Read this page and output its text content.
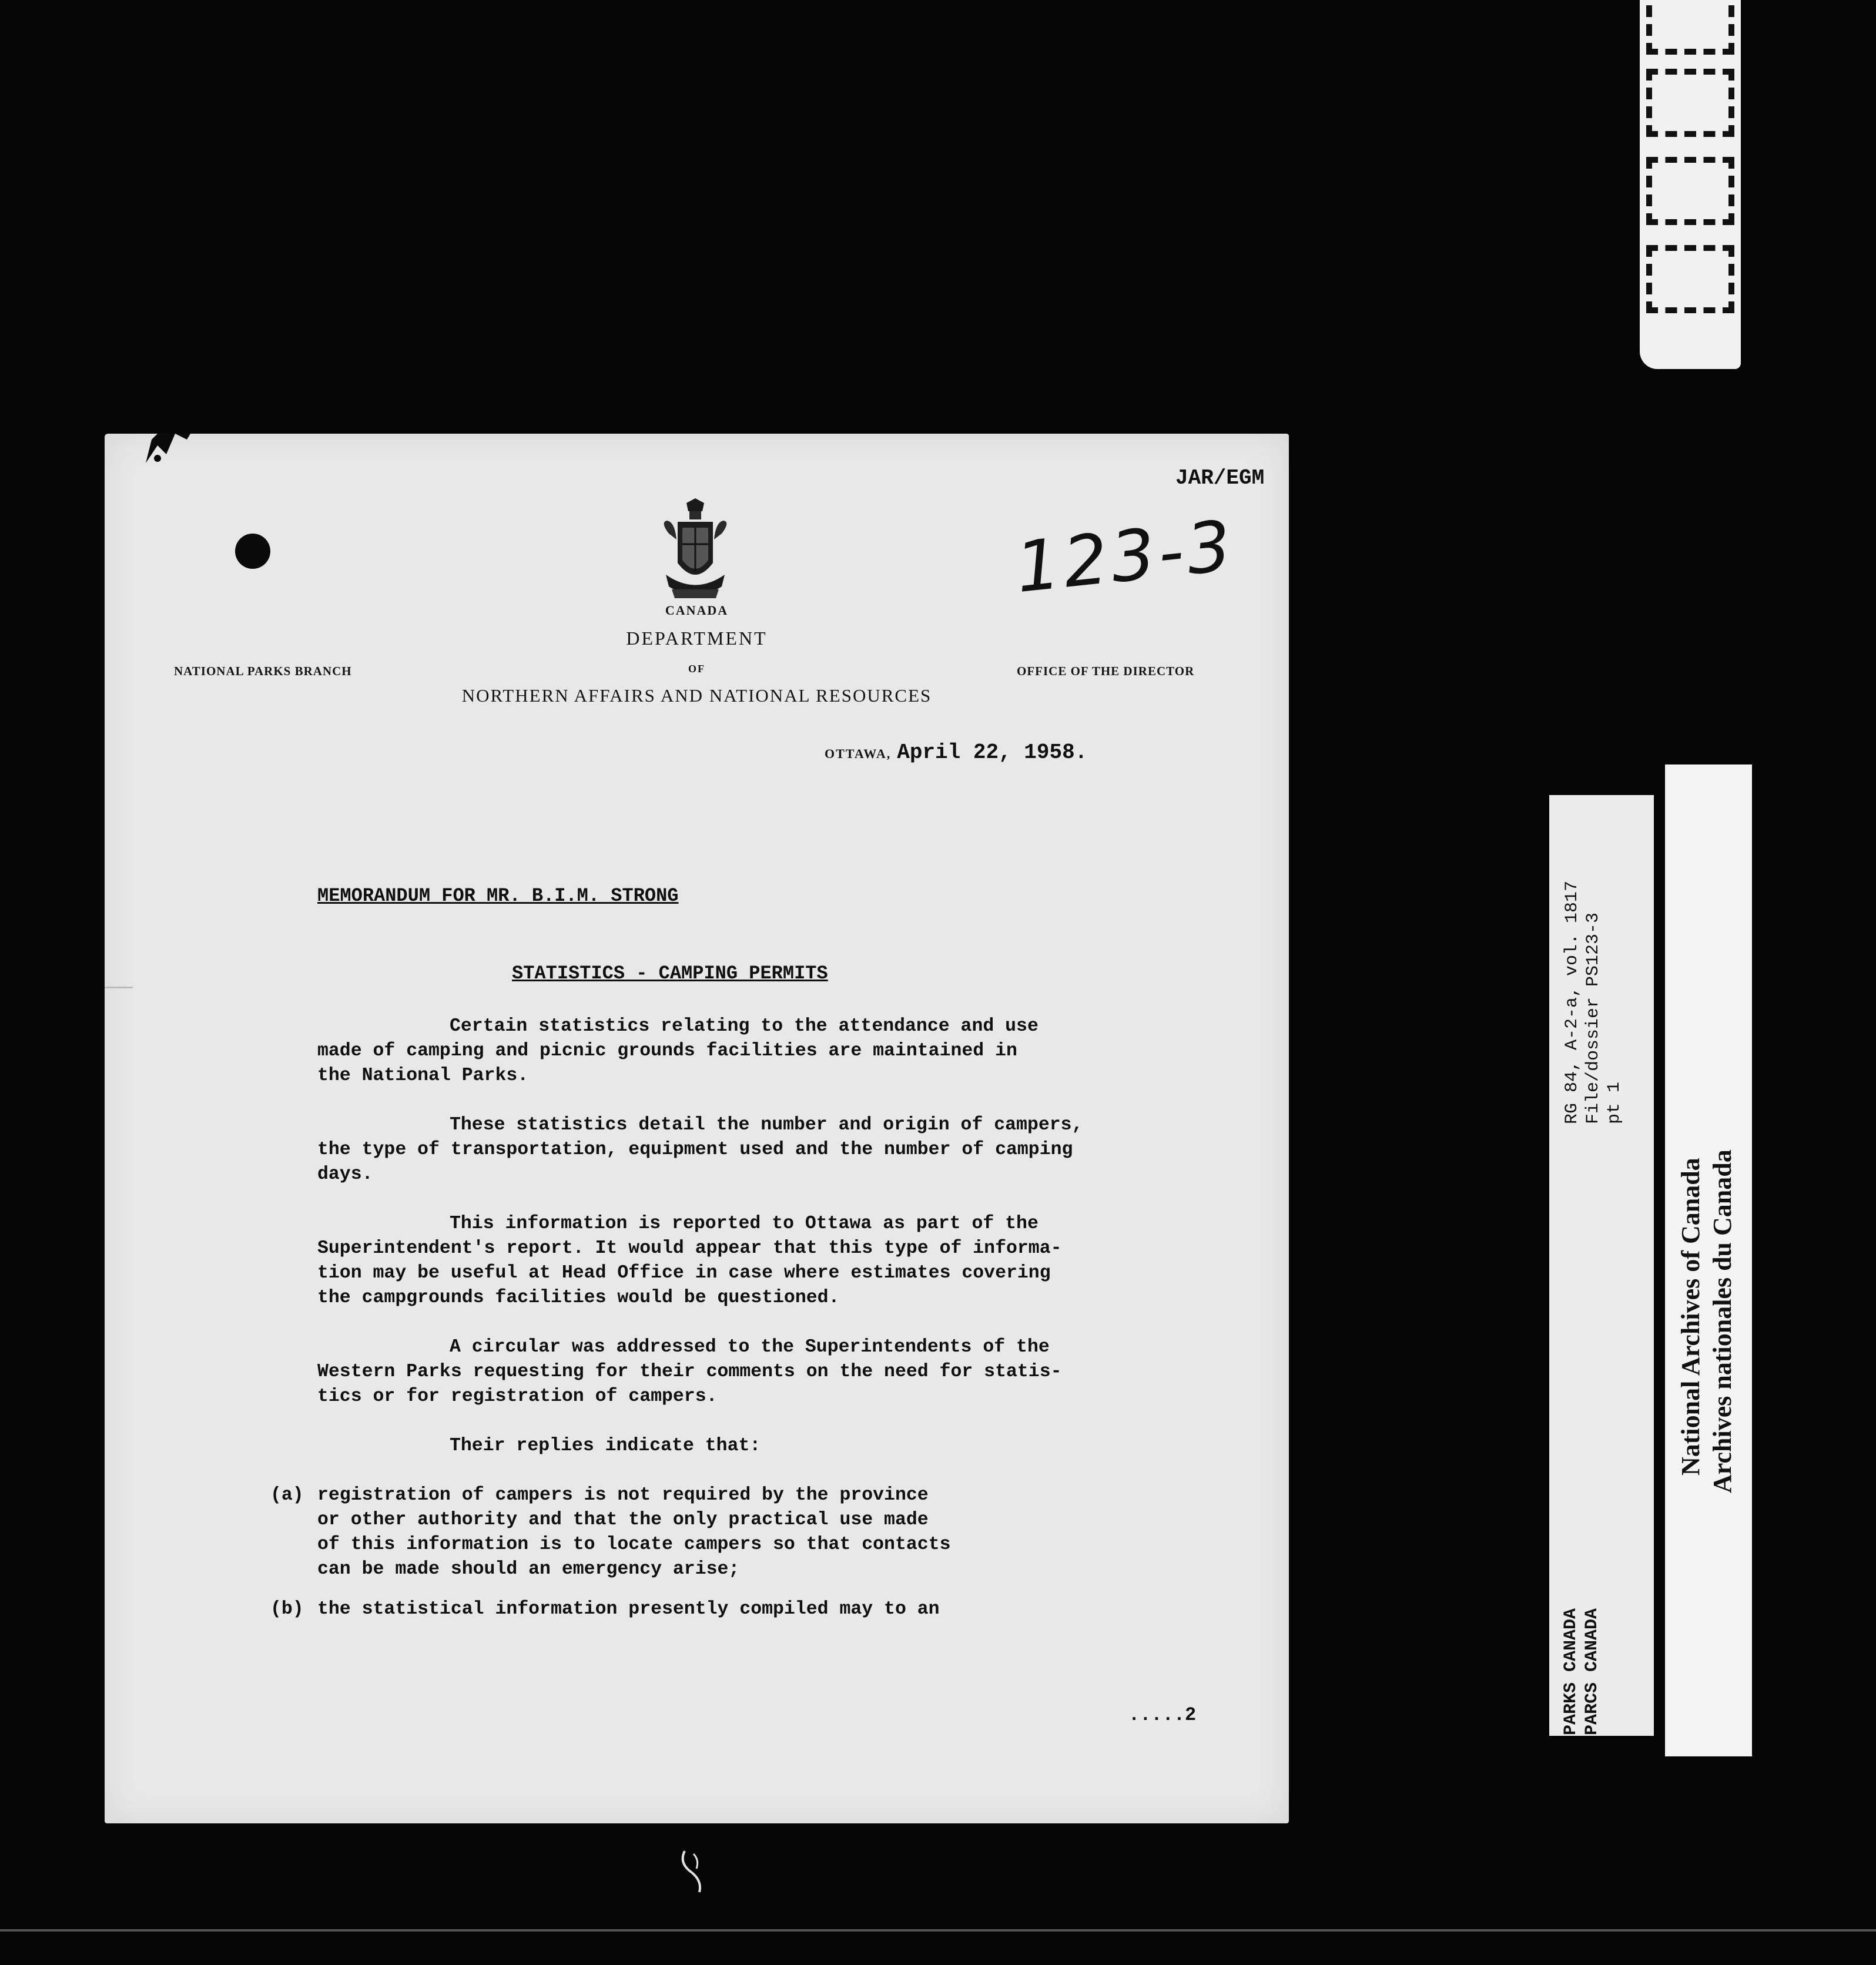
JAR/EGM
123-3
CANADA
DEPARTMENT
OF
NORTHERN AFFAIRS AND NATIONAL RESOURCES
NATIONAL PARKS BRANCH	OFFICE OF THE DIRECTOR
OTTAWA, April 22, 1958.
MEMORANDUM FOR MR. B.I.M. STRONG
STATISTICS - CAMPING PERMITS

Certain statistics relating to the attendance and use
made of camping and picnic grounds facilities are maintained in
the National Parks.

These statistics detail the number and origin of campers,
the type of transportation, equipment used and the number of camping
days.

This information is reported to Ottawa as part of the
Superintendent's report. It would appear that this type of informa-
tion may be useful at Head Office in case where estimates covering
the campgrounds facilities would be questioned.

A circular was addressed to the Superintendents of the
Western Parks requesting for their comments on the need for statis-
tics or for registration of campers.

Their replies indicate that:

(a) registration of campers is not required by the province
or other authority and that the only practical use made
of this information is to locate campers so that contacts
can be made should an emergency arise;
(b) the statistical information presently compiled may to an
.....2
RG 84, A-2-a, vol. 1817 File/dossier PS123-3 pt 1
PARKS CANADA PARCS CANADA
National Archives of Canada Archives nationales du Canada
